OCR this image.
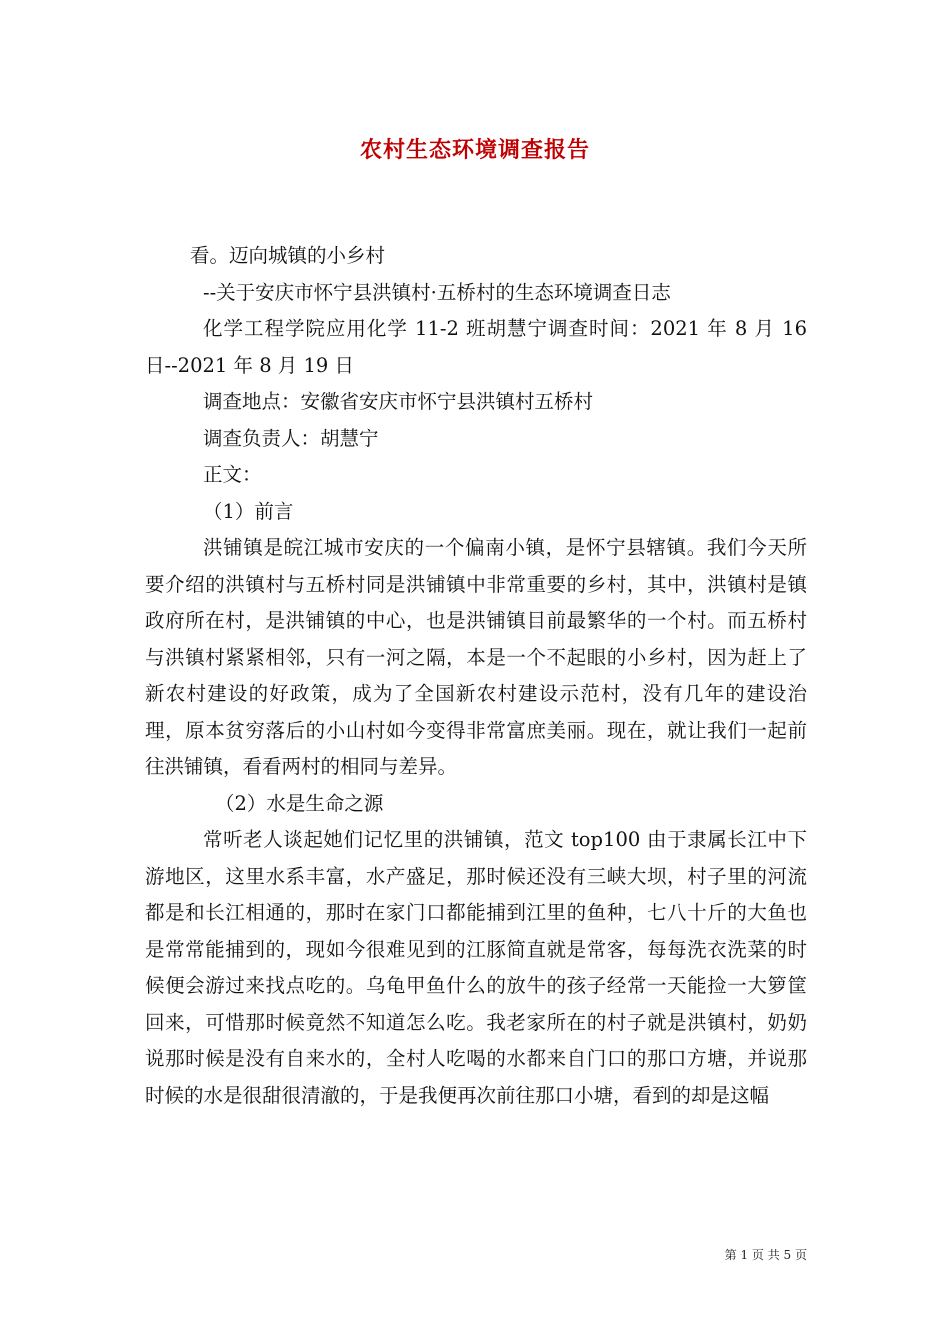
农村生态环境调查报告

看。迈向城镇的小乡村

--关于安庆市怀宁县洪镇村·五桥村的生态环境调查日志

化学工程学院应用化学 11-2 班胡慧宁调查时间：2021 年 8 月 16 日--2021 年 8 月 19 日

调查地点：安徽省安庆市怀宁县洪镇村五桥村

调查负责人：胡慧宁

正文：

（1）前言

洪铺镇是皖江城市安庆的一个偏南小镇，是怀宁县辖镇。我们今天所要介绍的洪镇村与五桥村同是洪铺镇中非常重要的乡村，其中，洪镇村是镇政府所在村，是洪铺镇的中心，也是洪铺镇目前最繁华的一个村。而五桥村与洪镇村紧紧相邻，只有一河之隔，本是一个不起眼的小乡村，因为赶上了新农村建设的好政策，成为了全国新农村建设示范村，没有几年的建设治理，原本贫穷落后的小山村如今变得非常富庶美丽。现在，就让我们一起前往洪铺镇，看看两村的相同与差异。

（2）水是生命之源

常听老人谈起她们记忆里的洪铺镇，范文 top100 由于隶属长江中下游地区，这里水系丰富，水产盛足，那时候还没有三峡大坝，村子里的河流都是和长江相通的，那时在家门口都能捕到江里的鱼种，七八十斤的大鱼也是常常能捕到的，现如今很难见到的江豚简直就是常客，每每洗衣洗菜的时候便会游过来找点吃的。乌龟甲鱼什么的放牛的孩子经常一天能捡一大箩筐回来，可惜那时候竟然不知道怎么吃。我老家所在的村子就是洪镇村，奶奶说那时候是没有自来水的，全村人吃喝的水都来自门口的那口方塘，并说那时候的水是很甜很清澈的，于是我便再次前往那口小塘，看到的却是这幅

第 1 页 共 5 页
